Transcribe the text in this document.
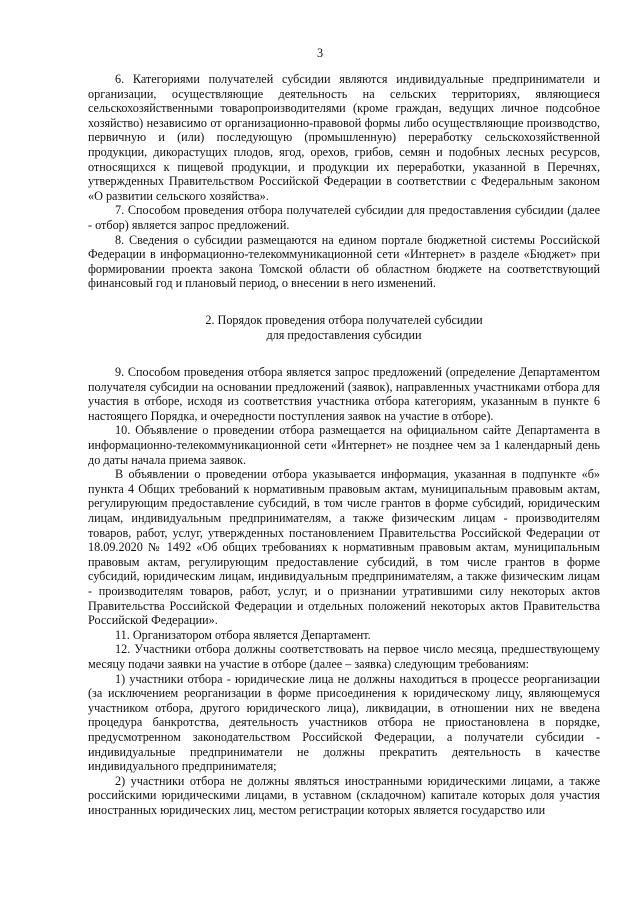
3

6. Категориями получателей субсидии являются индивидуальные предприниматели и организации, осуществляющие деятельность на сельских территориях, являющиеся сельскохозяйственными товаропроизводителями (кроме граждан, ведущих личное подсобное хозяйство) независимо от организационно-правовой формы либо осуществляющие производство, первичную и (или) последующую (промышленную) переработку сельскохозяйственной продукции, дикорастущих плодов, ягод, орехов, грибов, семян и подобных лесных ресурсов, относящихся к пищевой продукции, и продукции их переработки, указанной в Перечнях, утвержденных Правительством Российской Федерации в соответствии с Федеральным законом «О развитии сельского хозяйства».

7. Способом проведения отбора получателей субсидии для предоставления субсидии (далее - отбор) является запрос предложений.

8. Сведения о субсидии размещаются на едином портале бюджетной системы Российской Федерации в информационно-телекоммуникационной сети «Интернет» в разделе «Бюджет» при формировании проекта закона Томской области об областном бюджете на соответствующий финансовый год и плановый период, о внесении в него изменений.

2. Порядок проведения отбора получателей субсидии
для предоставления субсидии

9. Способом проведения отбора является запрос предложений (определение Департаментом получателя субсидии на основании предложений (заявок), направленных участниками отбора для участия в отборе, исходя из соответствия участника отбора категориям, указанным в пункте 6 настоящего Порядка, и очередности поступления заявок на участие в отборе).

10. Объявление о проведении отбора размещается на официальном сайте Департамента в информационно-телекоммуникационной сети «Интернет» не позднее чем за 1 календарный день до даты начала приема заявок.

В объявлении о проведении отбора указывается информация, указанная в подпункте «б» пункта 4 Общих требований к нормативным правовым актам, муниципальным правовым актам, регулирующим предоставление субсидий, в том числе грантов в форме субсидий, юридическим лицам, индивидуальным предпринимателям, а также физическим лицам - производителям товаров, работ, услуг, утвержденных постановлением Правительства Российской Федерации от 18.09.2020 № 1492 «Об общих требованиях к нормативным правовым актам, муниципальным правовым актам, регулирующим предоставление субсидий, в том числе грантов в форме субсидий, юридическим лицам, индивидуальным предпринимателям, а также физическим лицам - производителям товаров, работ, услуг, и о признании утратившими силу некоторых актов Правительства Российской Федерации и отдельных положений некоторых актов Правительства Российской Федерации».

11. Организатором отбора является Департамент.

12. Участники отбора должны соответствовать на первое число месяца, предшествующему месяцу подачи заявки на участие в отборе (далее – заявка) следующим требованиям:

1) участники отбора - юридические лица не должны находиться в процессе реорганизации (за исключением реорганизации в форме присоединения к юридическому лицу, являющемуся участником отбора, другого юридического лица), ликвидации, в отношении них не введена процедура банкротства, деятельность участников отбора не приостановлена в порядке, предусмотренном законодательством Российской Федерации, а получатели субсидии - индивидуальные предприниматели не должны прекратить деятельность в качестве индивидуального предпринимателя;

2) участники отбора не должны являться иностранными юридическими лицами, а также российскими юридическими лицами, в уставном (складочном) капитале которых доля участия иностранных юридических лиц, местом регистрации которых является государство или
